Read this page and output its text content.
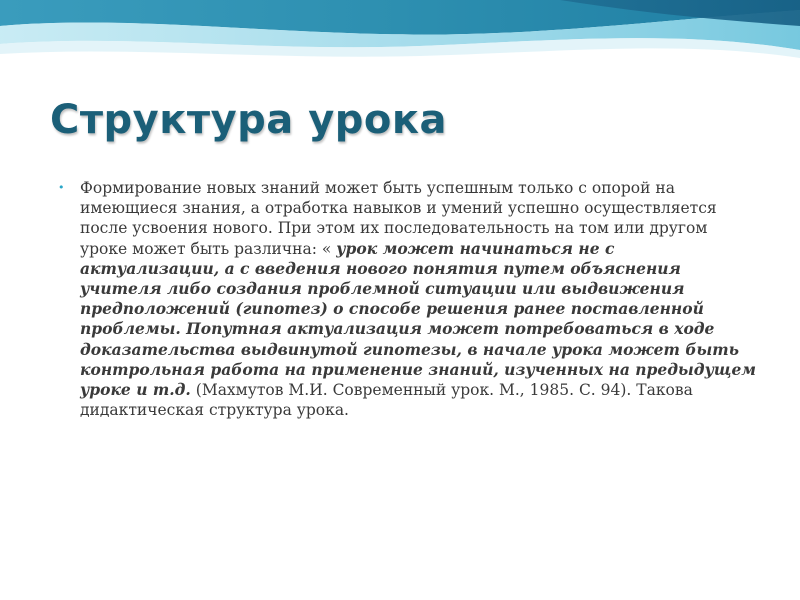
Структура урока
•	Формирование новых знаний может быть успешным только с опорой на имеющиеся знания, а отработка навыков и умений успешно осуществляется после усвоения нового. При этом их последовательность на том или другом уроке может быть различна: « урок может начинаться не с актуализации, а с введения нового понятия путем объяснения учителя либо создания проблемной ситуации или выдвижения предположений (гипотез) о способе решения ранее поставленной проблемы. Попутная актуализация может потребоваться в ходе доказательства выдвинутой гипотезы, в начале урока может быть контрольная работа на применение знаний, изученных на предыдущем уроке и т.д. (Махмутов М.И. Современный урок. М., 1985. С. 94). Такова дидактическая структура урока.
